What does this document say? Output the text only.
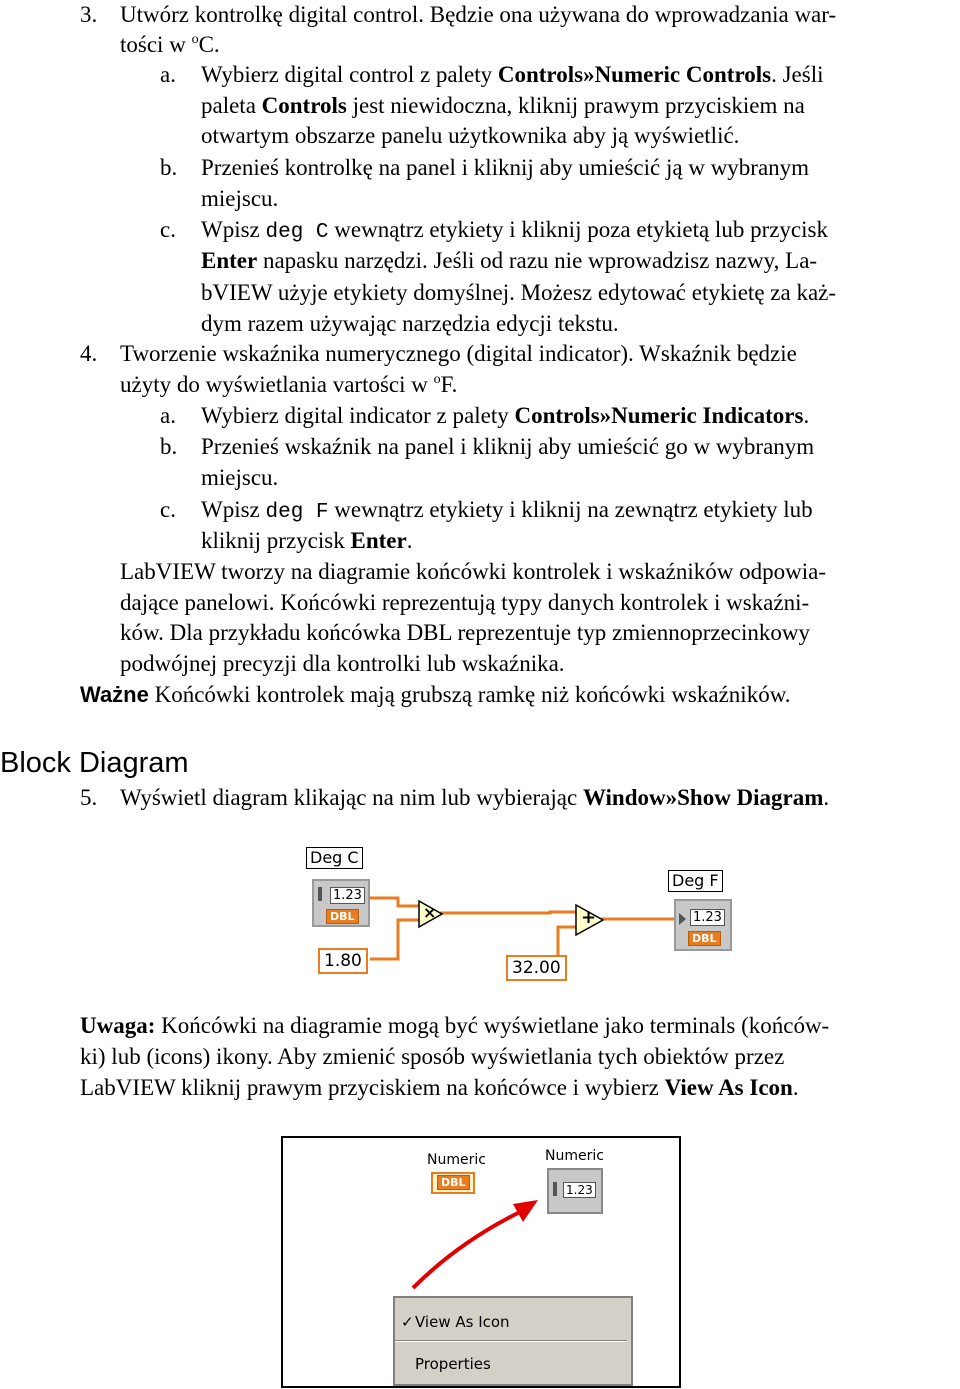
3. Utwórz kontrolkę digital control. Będzie ona używana do wprowadzania war-
tości w $^o$C.
a. Wybierz digital control z palety Controls»Numeric Controls. Jeśli
paleta Controls jest niewidoczna, kliknij prawym przyciskiem na
otwartym obszarze panelu użytkownika aby ją wyświetlić.
b. Przenieś kontrolkę na panel i kliknij aby umieścić ją w wybranym
miejscu.
c. Wpisz deg C wewnątrz etykiety i kliknij poza etykietą lub przycisk
Enter napasku narzędzi. Jeśli od razu nie wprowadzisz nazwy, La-
bVIEW użyje etykiety domyślnej. Możesz edytować etykietę za każ-
dym razem używając narzędzia edycji tekstu.
4. Tworzenie wskaźnika numerycznego (digital indicator). Wskaźnik będzie
użyty do wyświetlania vartości w $^o$F.
a. Wybierz digital indicator z palety Controls»Numeric Indicators.
b. Przenieś wskaźnik na panel i kliknij aby umieścić go w wybranym
miejscu.
c. Wpisz deg F wewnątrz etykiety i kliknij na zewnątrz etykiety lub
kliknij przycisk Enter.
LabVIEW tworzy na diagramie końcówki kontrolek i wskaźników odpowia-
dające panelowi. Końcówki reprezentują typy danych kontrolek i wskaźni-
ków. Dla przykładu końcówka DBL reprezentuje typ zmiennoprzecinkowy
podwójnej precyzji dla kontrolki lub wskaźnika.
Ważne Końcówki kontrolek mają grubszą ramkę niż końcówki wskaźników.
Block Diagram
5. Wyświetl diagram klikając na nim lub wybierając Window»Show Diagram.
×	+
Deg C
1.23
DBL
1.80	32.00
Deg F
1.23
DBL
Uwaga: Końcówki na diagramie mogą być wyświetlane jako terminals (końców-
ki) lub (icons) ikony. Aby zmienić sposób wyświetlania tych obiektów przez
LabVIEW kliknij prawym przyciskiem na końcówce i wybierz View As Icon.
Numeric
DBL
Numeric
1.23
✓ View As Icon
Properties
